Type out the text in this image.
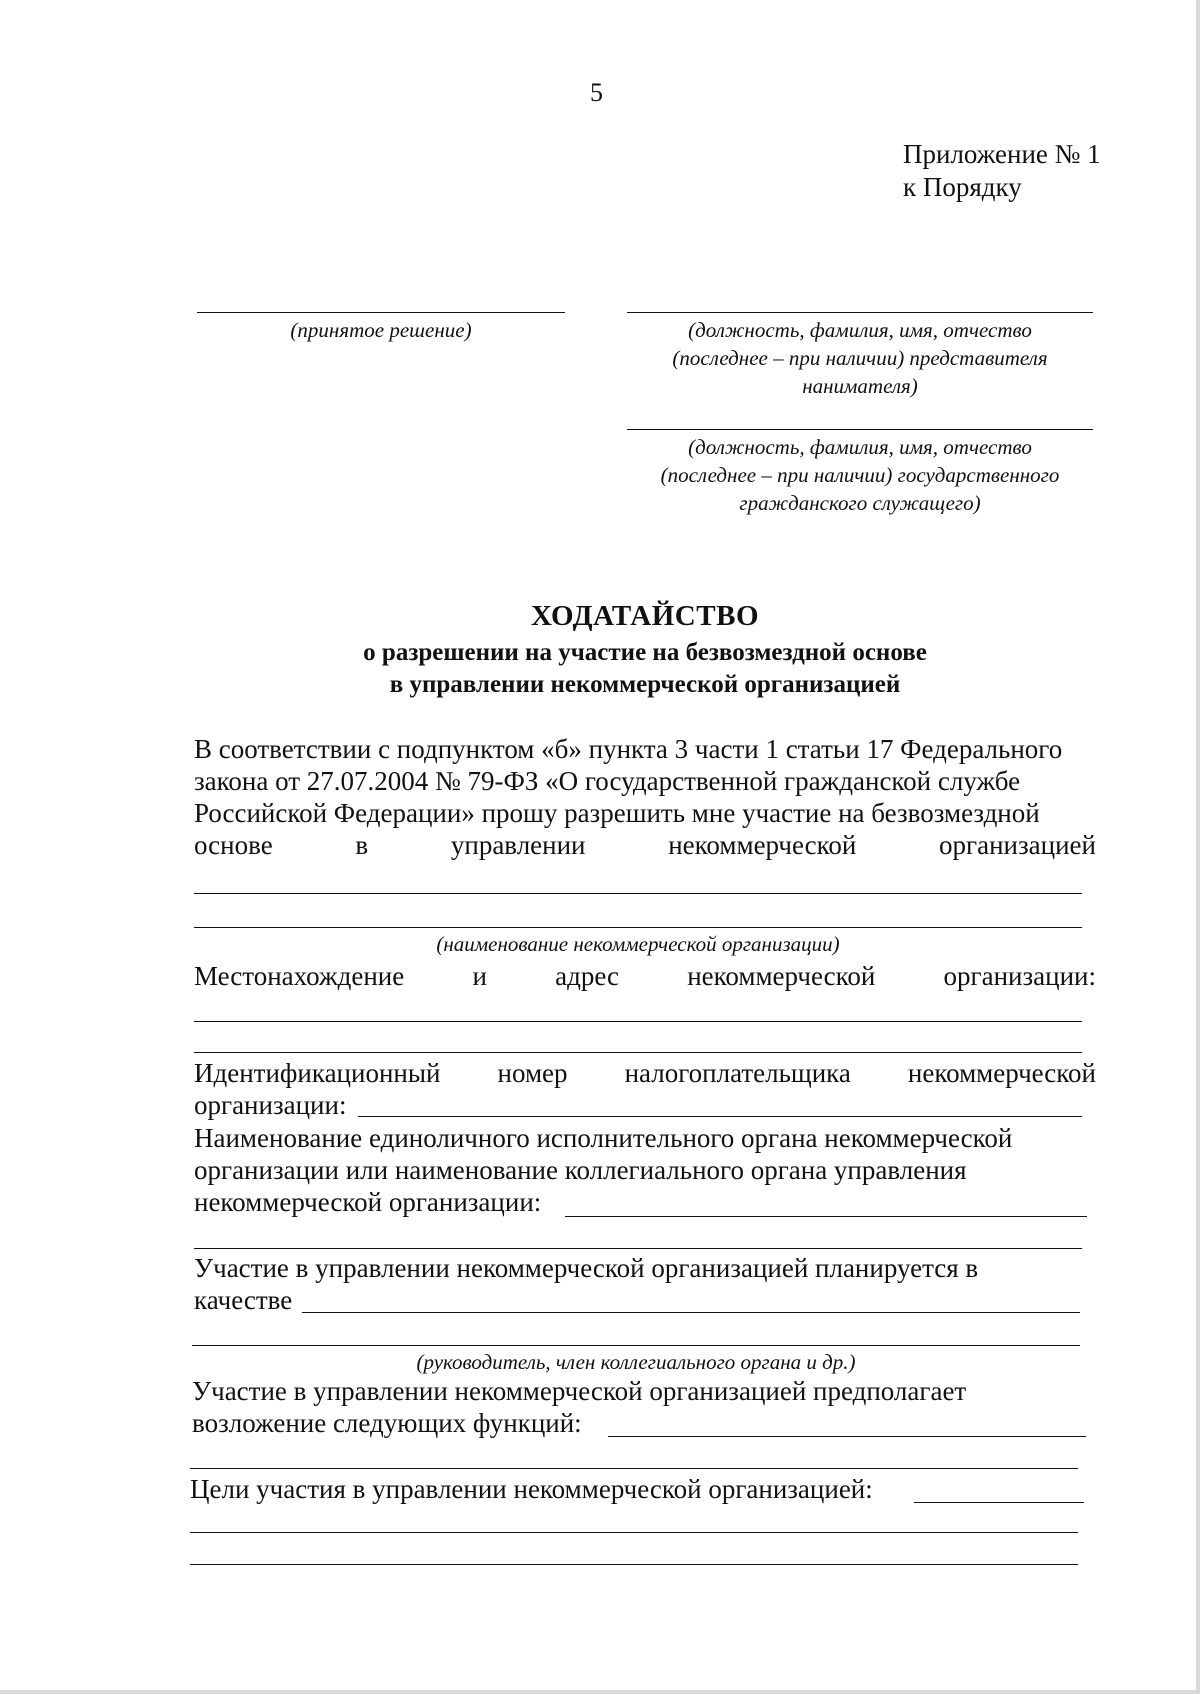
5
Приложение № 1
к Порядку
(принятое решение)	(должность, фамилия, имя, отчество
(последнее – при наличии) представителя
нанимателя)
(должность, фамилия, имя, отчество
(последнее – при наличии) государственного
гражданского служащего)
ХОДАТАЙСТВО
о разрешении на участие на безвозмездной основе
в управлении некоммерческой организацией
В соответствии с подпунктом «б» пункта 3 части 1 статьи 17 Федерального
закона от 27.07.2004 № 79-ФЗ «О государственной гражданской службе
Российской Федерации» прошу разрешить мне участие на безвозмездной
основе	в	управлении	некоммерческой	организацией
(наименование некоммерческой организации)
Местонахождение	и	адрес	некоммерческой	организации:
Идентификационный номер налогоплательщика некоммерческой
организации:
Наименование единоличного исполнительного органа некоммерческой
организации или наименование коллегиального органа управления
некоммерческой организации:
Участие в управлении некоммерческой организацией планируется в
качестве
(руководитель, член коллегиального органа и др.)
Участие в управлении некоммерческой организацией предполагает
возложение следующих функций:
Цели участия в управлении некоммерческой организацией:
